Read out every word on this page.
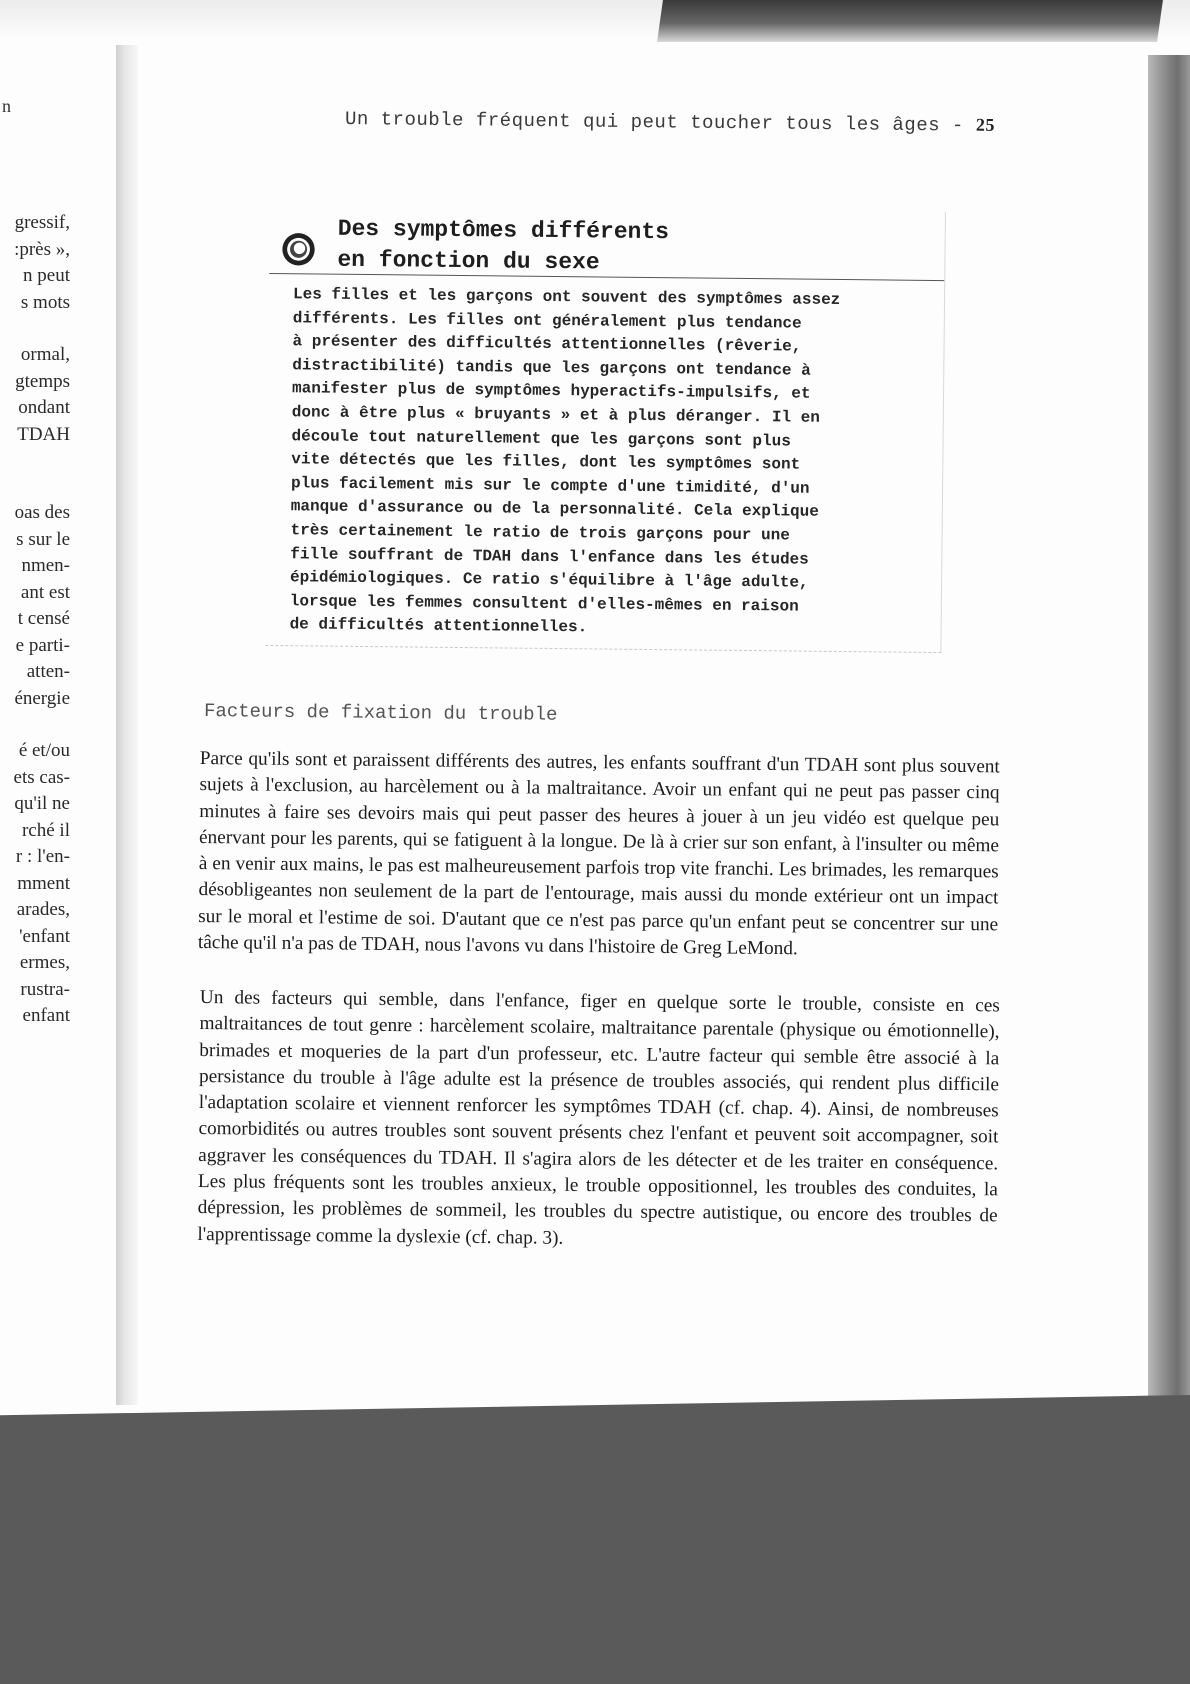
n
gressif,
:près »,
n peut
s mots
ormal,
gtemps
ondant
TDAH
oas des
s sur le
nmen-
ant est
t censé
e parti-
atten-
énergie
é et/ou
ets cas-
qu'il ne
rché il
r : l'en-
mment
arades,
'enfant
ermes,
rustra-
enfant
Un trouble fréquent qui peut toucher tous les âges - 25
Des symptômes différents
en fonction du sexe
Les filles et les garçons ont souvent des symptômes assez
différents. Les filles ont généralement plus tendance
à présenter des difficultés attentionnelles (rêverie,
distractibilité) tandis que les garçons ont tendance à
manifester plus de symptômes hyperactifs-impulsifs, et
donc à être plus « bruyants » et à plus déranger. Il en
découle tout naturellement que les garçons sont plus
vite détectés que les filles, dont les symptômes sont
plus facilement mis sur le compte d'une timidité, d'un
manque d'assurance ou de la personnalité. Cela explique
très certainement le ratio de trois garçons pour une
fille souffrant de TDAH dans l'enfance dans les études
épidémiologiques. Ce ratio s'équilibre à l'âge adulte,
lorsque les femmes consultent d'elles-mêmes en raison
de difficultés attentionnelles.
Facteurs de fixation du trouble

Parce qu'ils sont et paraissent différents des autres, les enfants souffrant d'un TDAH sont plus souvent sujets à l'exclusion, au harcèlement ou à la maltraitance. Avoir un enfant qui ne peut pas passer cinq minutes à faire ses devoirs mais qui peut passer des heures à jouer à un jeu vidéo est quelque peu énervant pour les parents, qui se fatiguent à la longue. De là à crier sur son enfant, à l'insulter ou même à en venir aux mains, le pas est malheureusement parfois trop vite franchi. Les brimades, les remarques désobligeantes non seulement de la part de l'entourage, mais aussi du monde extérieur ont un impact sur le moral et l'estime de soi. D'autant que ce n'est pas parce qu'un enfant peut se concentrer sur une tâche qu'il n'a pas de TDAH, nous l'avons vu dans l'histoire de Greg LeMond.

Un des facteurs qui semble, dans l'enfance, figer en quelque sorte le trouble, consiste en ces maltraitances de tout genre : harcèlement scolaire, maltraitance parentale (physique ou émotionnelle), brimades et moqueries de la part d'un professeur, etc. L'autre facteur qui semble être associé à la persistance du trouble à l'âge adulte est la présence de troubles associés, qui rendent plus difficile l'adaptation scolaire et viennent renforcer les symptômes TDAH (cf. chap. 4). Ainsi, de nombreuses comorbidités ou autres troubles sont souvent présents chez l'enfant et peuvent soit accompagner, soit aggraver les conséquences du TDAH. Il s'agira alors de les détecter et de les traiter en conséquence. Les plus fréquents sont les troubles anxieux, le trouble oppositionnel, les troubles des conduites, la dépression, les problèmes de sommeil, les troubles du spectre autistique, ou encore des troubles de l'apprentissage comme la dyslexie (cf. chap. 3).
